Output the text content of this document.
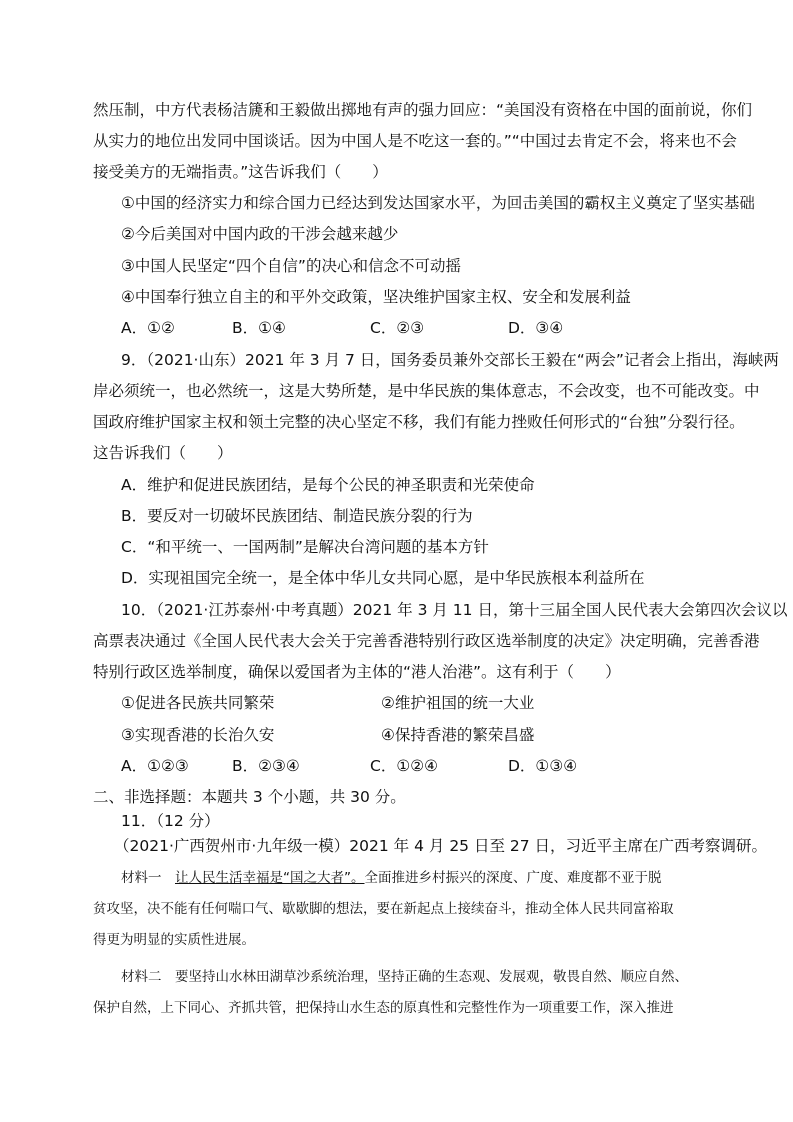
然压制，中方代表杨洁篪和王毅做出掷地有声的强力回应：“美国没有资格在中国的面前说，你们
从实力的地位出发同中国谈话。因为中国人是不吃这一套的。”“中国过去肯定不会，将来也不会
接受美方的无端指责。”这告诉我们（　　）
①中国的经济实力和综合国力已经达到发达国家水平，为回击美国的霸权主义奠定了坚实基础
②今后美国对中国内政的干涉会越来越少
③中国人民坚定“四个自信”的决心和信念不可动摇
④中国奉行独立自主的和平外交政策，坚决维护国家主权、安全和发展利益
A．①②	B．①④	C．②③	D．③④
9．（2021·山东）2021 年 3 月 7 日，国务委员兼外交部长王毅在“两会”记者会上指出，海峡两
岸必须统一，也必然统一，这是大势所楚，是中华民族的集体意志，不会改变，也不可能改变。中
国政府维护国家主权和领土完整的决心坚定不移，我们有能力挫败任何形式的“台独”分裂行径。
这告诉我们（　　）
A．维护和促进民族团结，是每个公民的神圣职责和光荣使命
B．要反对一切破坏民族团结、制造民族分裂的行为
C．“和平统一、一国两制”是解决台湾问题的基本方针
D．实现祖国完全统一，是全体中华儿女共同心愿，是中华民族根本利益所在
10．（2021·江苏泰州·中考真题）2021 年 3 月 11 日，第十三届全国人民代表大会第四次会议以
高票表决通过《全国人民代表大会关于完善香港特别行政区选举制度的决定》决定明确，完善香港
特别行政区选举制度，确保以爱国者为主体的“港人治港”。这有利于（　　）
①促进各民族共同繁荣	②维护祖国的统一大业
③实现香港的长治久安	④保持香港的繁荣昌盛
A．①②③	B．②③④	C．①②④	D．①③④
二、非选择题：本题共 3 个小题，共 30 分。
11．（12 分）
（2021·广西贺州市·九年级一模）2021 年 4 月 25 日至 27 日，习近平主席在广西考察调研。
材料一　让人民生活幸福是“国之大者”。全面推进乡村振兴的深度、广度、难度都不亚于脱
贫攻坚，决不能有任何喘口气、歇歇脚的想法，要在新起点上接续奋斗，推动全体人民共同富裕取
得更为明显的实质性进展。
材料二　要坚持山水林田湖草沙系统治理，坚持正确的生态观、发展观，敬畏自然、顺应自然、
保护自然，上下同心、齐抓共管，把保持山水生态的原真性和完整性作为一项重要工作，深入推进
